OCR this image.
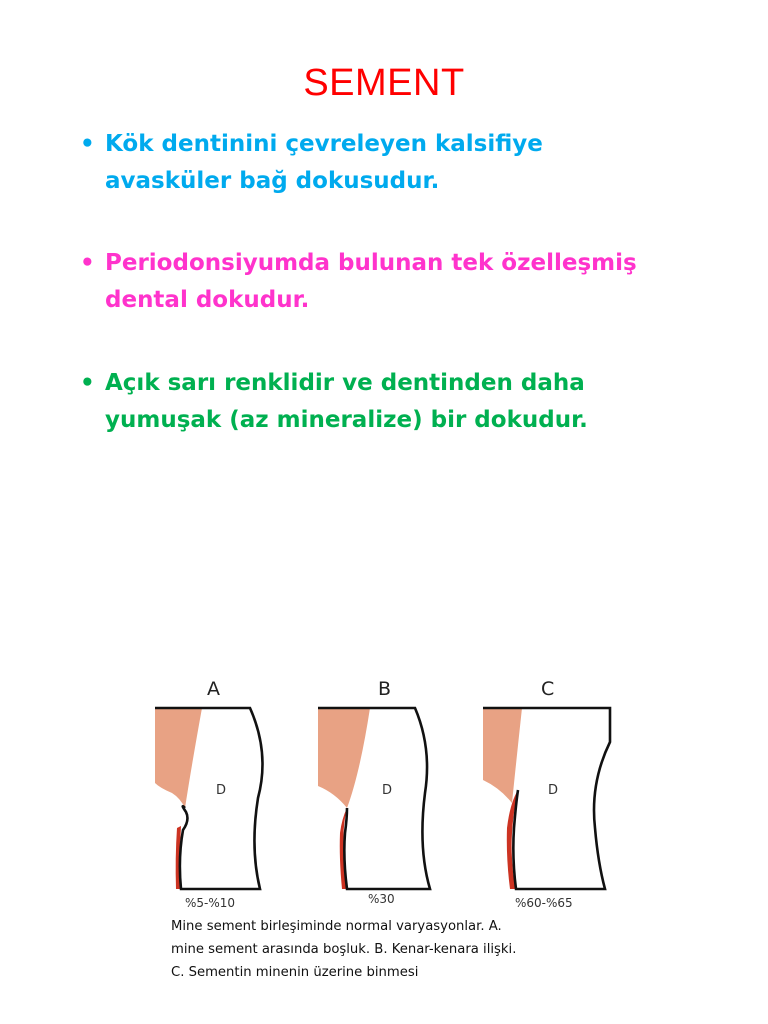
SEMENT
• Kök dentinini çevreleyen kalsifiye
avasküler bağ dokusudur.
• Periodonsiyumda bulunan tek özelleşmiş
dental dokudur.
• Açık sarı renklidir ve dentinden daha
yumuşak (az mineralize) bir dokudur.
A	B	C
D	D	D
%5-%10	%30	%60-%65
Mine sement birleşiminde normal varyasyonlar. A.
mine sement arasında boşluk. B. Kenar-kenara ilişki.
C. Sementin minenin üzerine binmesi
